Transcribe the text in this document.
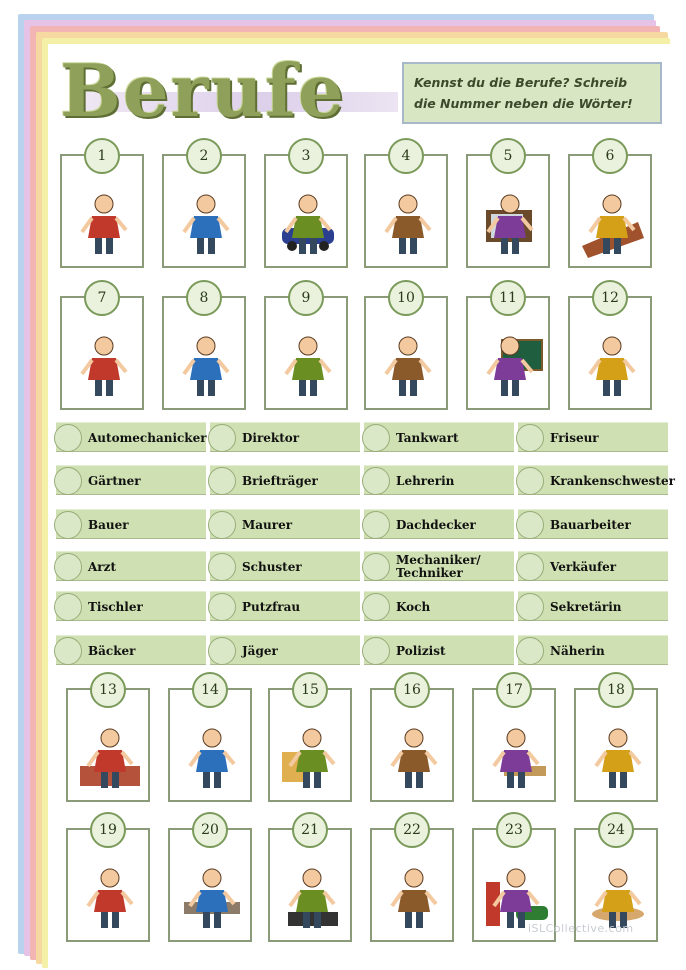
Berufe	Kennst du die Berufe? Schreib die Nummer neben die Wörter!
1	2	3	4	5	6
7	8	9	10	11	12
13	14	15	16	17	18
19	20	21	22	23	24
Automechanicker	Direktor	Tankwart	Friseur
Gärtner	Briefträger	Lehrerin	Krankenschwester
Bauer	Maurer	Dachdecker	Bauarbeiter
Arzt	Schuster	Mechaniker/ Techniker	Verkäufer
Tischler	Putzfrau	Koch	Sekretärin
Bäcker	Jäger	Polizist	Näherin
iSLCollective.com
